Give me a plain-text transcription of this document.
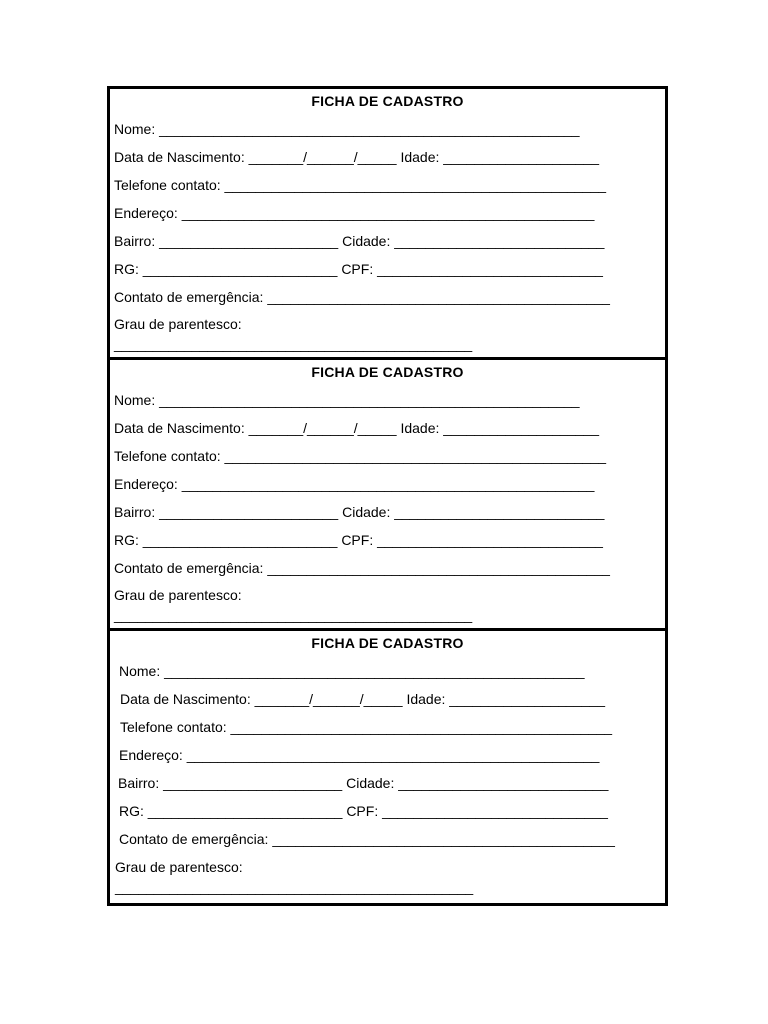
FICHA DE CADASTRO
Nome: ______________________________________________________
Data de Nascimento: _______/______/_____ Idade: ____________________
Telefone contato: _________________________________________________
Endereço: _____________________________________________________
Bairro: _______________________ Cidade: ___________________________
RG: _________________________ CPF: _____________________________
Contato de emergência: ____________________________________________
Grau de parentesco:
______________________________________________
FICHA DE CADASTRO
Nome: ______________________________________________________
Data de Nascimento: _______/______/_____ Idade: ____________________
Telefone contato: _________________________________________________
Endereço: _____________________________________________________
Bairro: _______________________ Cidade: ___________________________
RG: _________________________ CPF: _____________________________
Contato de emergência: ____________________________________________
Grau de parentesco:
______________________________________________
FICHA DE CADASTRO
Nome: ______________________________________________________
Data de Nascimento: _______/______/_____ Idade: ____________________
Telefone contato: _________________________________________________
Endereço: _____________________________________________________
Bairro: _______________________ Cidade: ___________________________
RG: _________________________ CPF: _____________________________
Contato de emergência: ____________________________________________
Grau de parentesco:
______________________________________________
